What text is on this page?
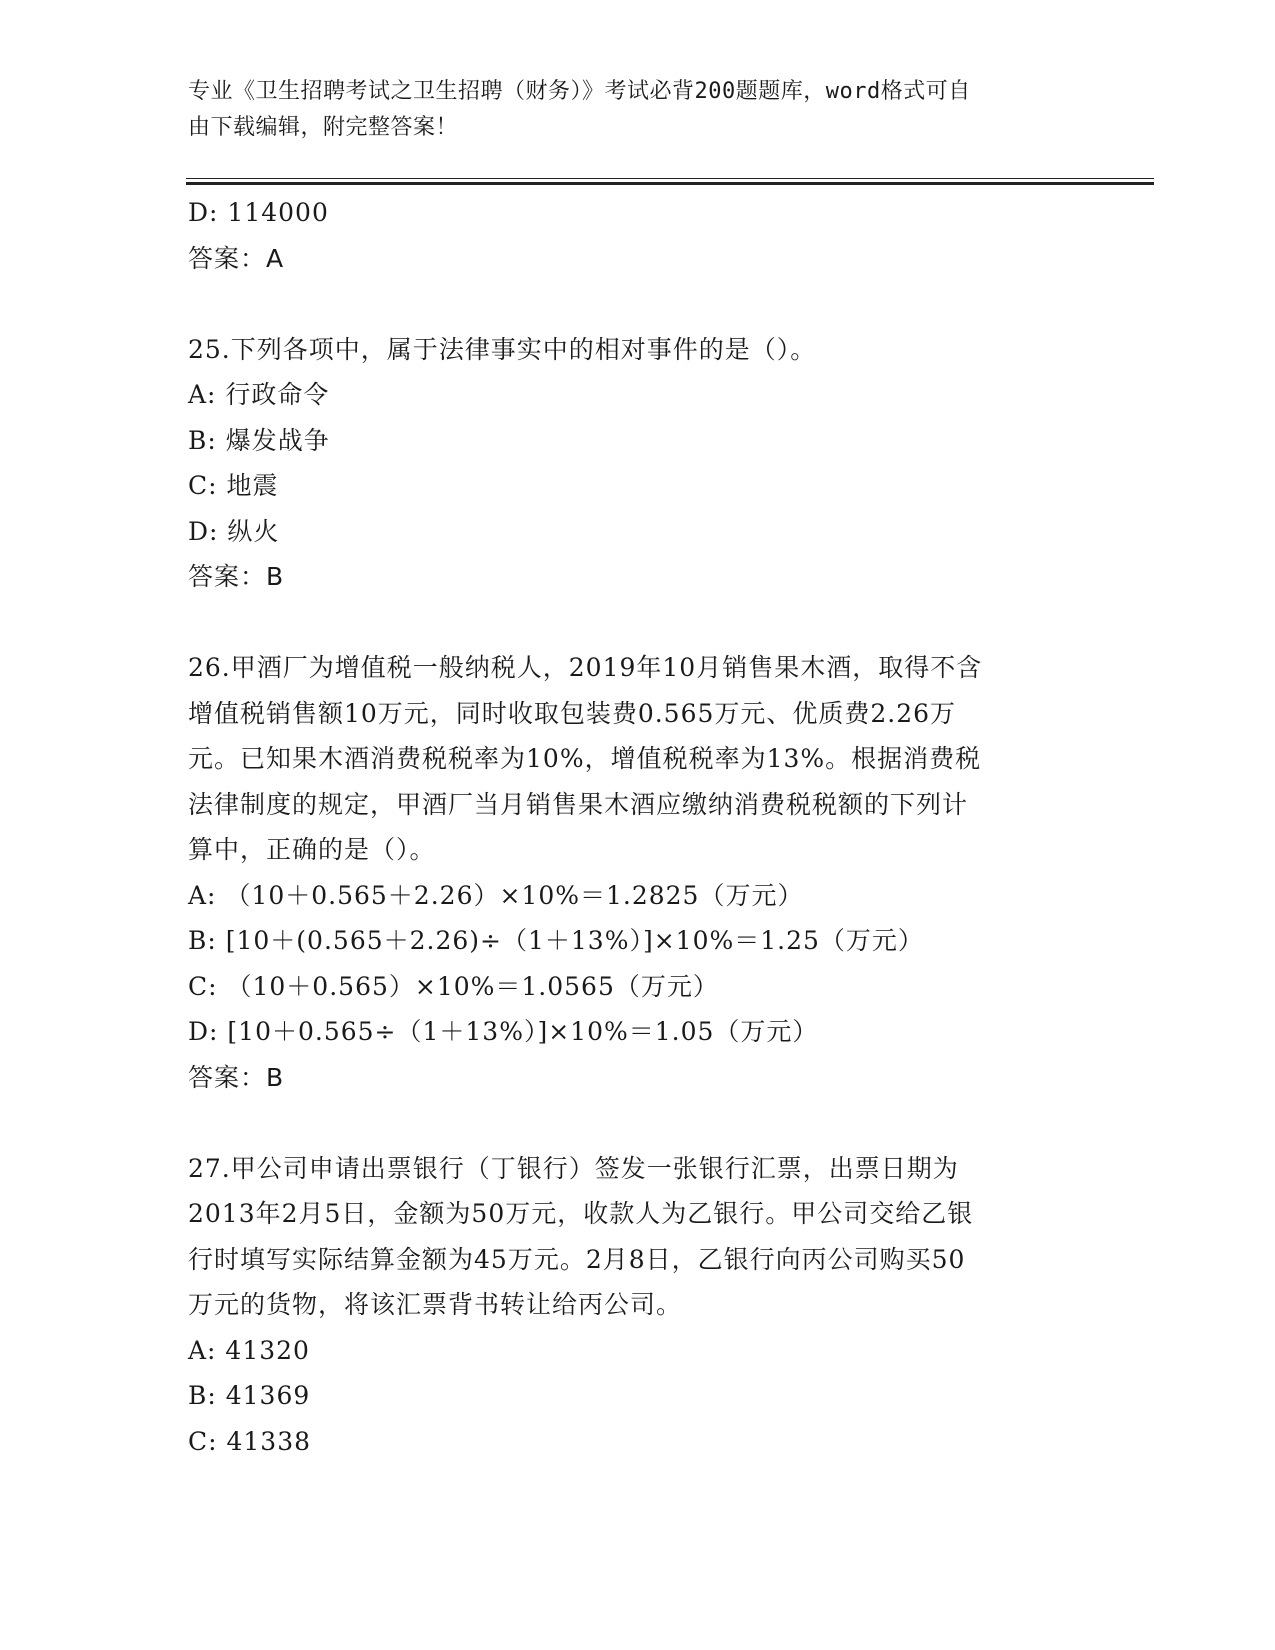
专业《卫生招聘考试之卫生招聘（财务）》考试必背200题题库，word格式可自
由下载编辑，附完整答案！
D: 114000
答案：A
25.下列各项中，属于法律事实中的相对事件的是（）。
A: 行政命令
B: 爆发战争
C: 地震
D: 纵火
答案：B
26.甲酒厂为增值税一般纳税人，2019年10月销售果木酒，取得不含
增值税销售额10万元，同时收取包装费0.565万元、优质费2.26万
元。已知果木酒消费税税率为10%，增值税税率为13%。根据消费税
法律制度的规定，甲酒厂当月销售果木酒应缴纳消费税税额的下列计
算中，正确的是（）。
A: （10＋0.565＋2.26）×10%＝1.2825（万元）
B: [10＋(0.565＋2.26)÷（1＋13%）]×10%＝1.25（万元）
C: （10＋0.565）×10%＝1.0565（万元）
D: [10＋0.565÷（1＋13%）]×10%＝1.05（万元）
答案：B
27.甲公司申请出票银行（丁银行）签发一张银行汇票，出票日期为
2013年2月5日，金额为50万元，收款人为乙银行。甲公司交给乙银
行时填写实际结算金额为45万元。2月8日，乙银行向丙公司购买50
万元的货物，将该汇票背书转让给丙公司。
A: 41320
B: 41369
C: 41338
